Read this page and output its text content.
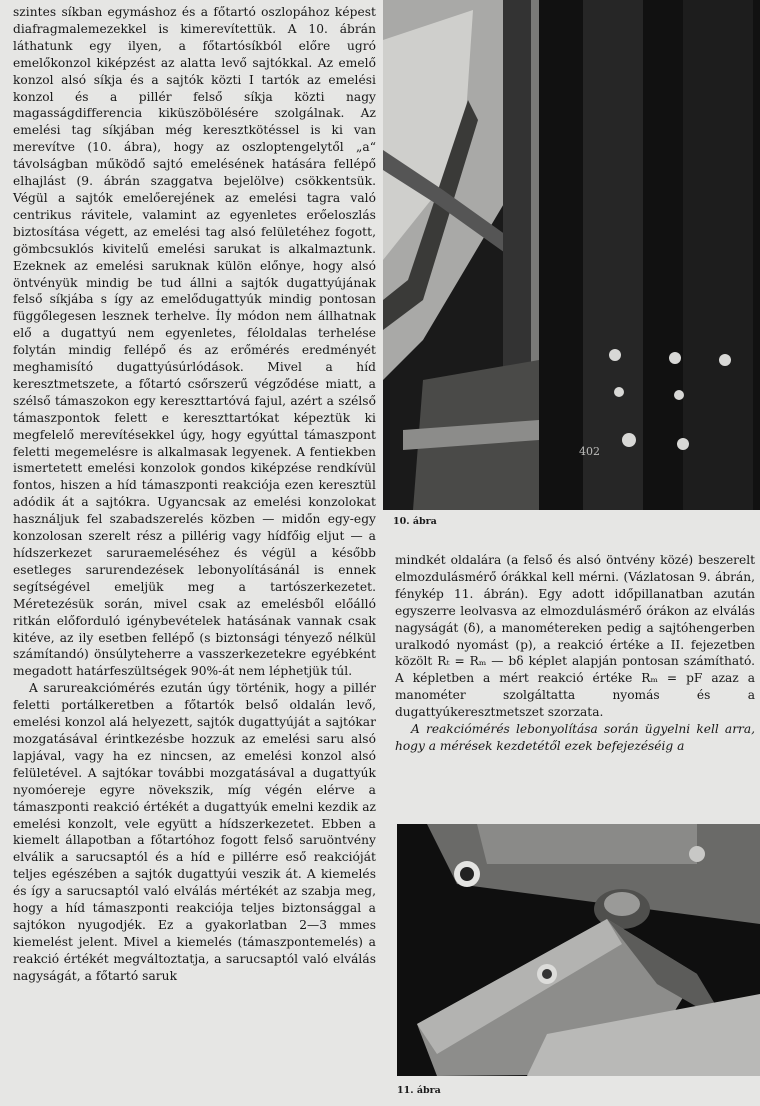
szintes síkban egymáshoz és a főtartó oszlopához képest diafragmalemezekkel is kimerevítettük. A 10. ábrán láthatunk egy ilyen, a főtartósíkból előre ugró emelőkonzol kiképzést az alatta levő sajtókkal. Az emelő konzol alsó síkja és a sajtók közti I tartók az emelési konzol és a pillér felső síkja közti nagy magasságdifferencia kiküszöbölésére szolgálnak. Az emelési tag síkjában még keresztkötéssel is ki van merevítve (10. ábra), hogy az oszloptengelytől „a“ távolságban működő sajtó emelésének hatására fellépő elhajlást (9. ábrán szaggatva bejelölve) csökkentsük. Végül a sajtók emelőerejének az emelési tagra való centrikus rávitele, valamint az egyenletes erőeloszlás biztosítása végett, az emelési tag alsó felületéhez fogott, gömbcsuklós kivitelű emelési sarukat is alkalmaztunk. Ezeknek az emelési saruknak külön előnye, hogy alsó öntvényük mindig be tud állni a sajtók dugattyújának felső síkjába s így az emelődugattyúk mindig pontosan függőlegesen lesznek terhelve. Íly módon nem állhatnak elő a dugattyú nem egyenletes, féloldalas terhelése folytán mindig fellépő és az erőmérés eredményét meghamisító dugattyúsúrlódások. Mivel a híd keresztmetszete, a főtartó csőrszerű végződése miatt, a szélső támaszokon egy kereszttartóvá fajul, azért a szélső támaszpontok felett e kereszttartókat képeztük ki megfelelő merevítésekkel úgy, hogy egyúttal támaszpont feletti megemelésre is alkalmasak legyenek. A fentiekben ismertetett emelési konzolok gondos kiképzése rendkívül fontos, hiszen a híd támaszponti reakciója ezen keresztül adódik át a sajtókra. Ugyancsak az emelési konzolokat használjuk fel szabadszerelés közben — midőn egy-egy konzolosan szerelt rész a pillérig vagy hídfőig eljut — a hídszerkezet saruraemeléséhez és végül a később esetleges sarurendezések lebonyolításánál is ennek segítségével emeljük meg a tartószerkezetet. Méretezésük során, mivel csak az emelésből előálló ritkán előforduló igénybevételek hatásának vannak csak kitéve, az ily esetben fellépő (s biztonsági tényező nélkül számítandó) önsúlyteherre a vasszerkezetekre egyébként megadott határfeszültségek 90%-át nem léphetjük túl.

A sarureakciómérés ezután úgy történik, hogy a pillér feletti portálkeretben a főtartók belső oldalán levő, emelési konzol alá helyezett, sajtók dugattyúját a sajtókar mozgatásával érintkezésbe hozzuk az emelési saru alsó lapjával, vagy ha ez nincsen, az emelési konzol alsó felületével. A sajtókar további mozgatásával a dugattyúk nyomóereje egyre növekszik, míg végén elérve a támaszponti reakció értékét a dugattyúk emelni kezdik az emelési konzolt, vele együtt a hídszerkezetet. Ebben a kiemelt állapotban a főtartóhoz fogott felső saruöntvény elválik a sarucsaptól és a híd e pillérre eső reakcióját teljes egészében a sajtók dugattyúi veszik át. A kiemelés és így a sarucsaptól való elválás mértékét az szabja meg, hogy a híd támaszponti reakciója teljes biztonsággal a sajtókon nyugodjék. Ez a gyakorlatban 2—3 mmes kiemelést jelent. Mivel a kiemelés (támaszpontemelés) a reakció értékét megváltoztatja, a sarucsaptól való elválás nagyságát, a főtartó saruk

402
10. ábra

mindkét oldalára (a felső és alsó öntvény közé) beszerelt elmozdulásmérő órákkal kell mérni. (Vázlatosan 9. ábrán, fénykép 11. ábrán). Egy adott időpillanatban azután egyszerre leolvasva az elmozdulásmérő órákon az elválás nagyságát (δ), a manométereken pedig a sajtóhengerben uralkodó nyomást (p), a reakció értéke a II. fejezetben közölt Rₜ = Rₘ — bδ képlet alapján pontosan számítható. A képletben a mért reakció értéke Rₘ = pF azaz a manométer szolgáltatta nyomás és a dugattyúkeresztmetszet szorzata.

A reakciómérés lebonyolítása során ügyelni kell arra, hogy a mérések kezdetétől ezek befejezéséig a

11. ábra
